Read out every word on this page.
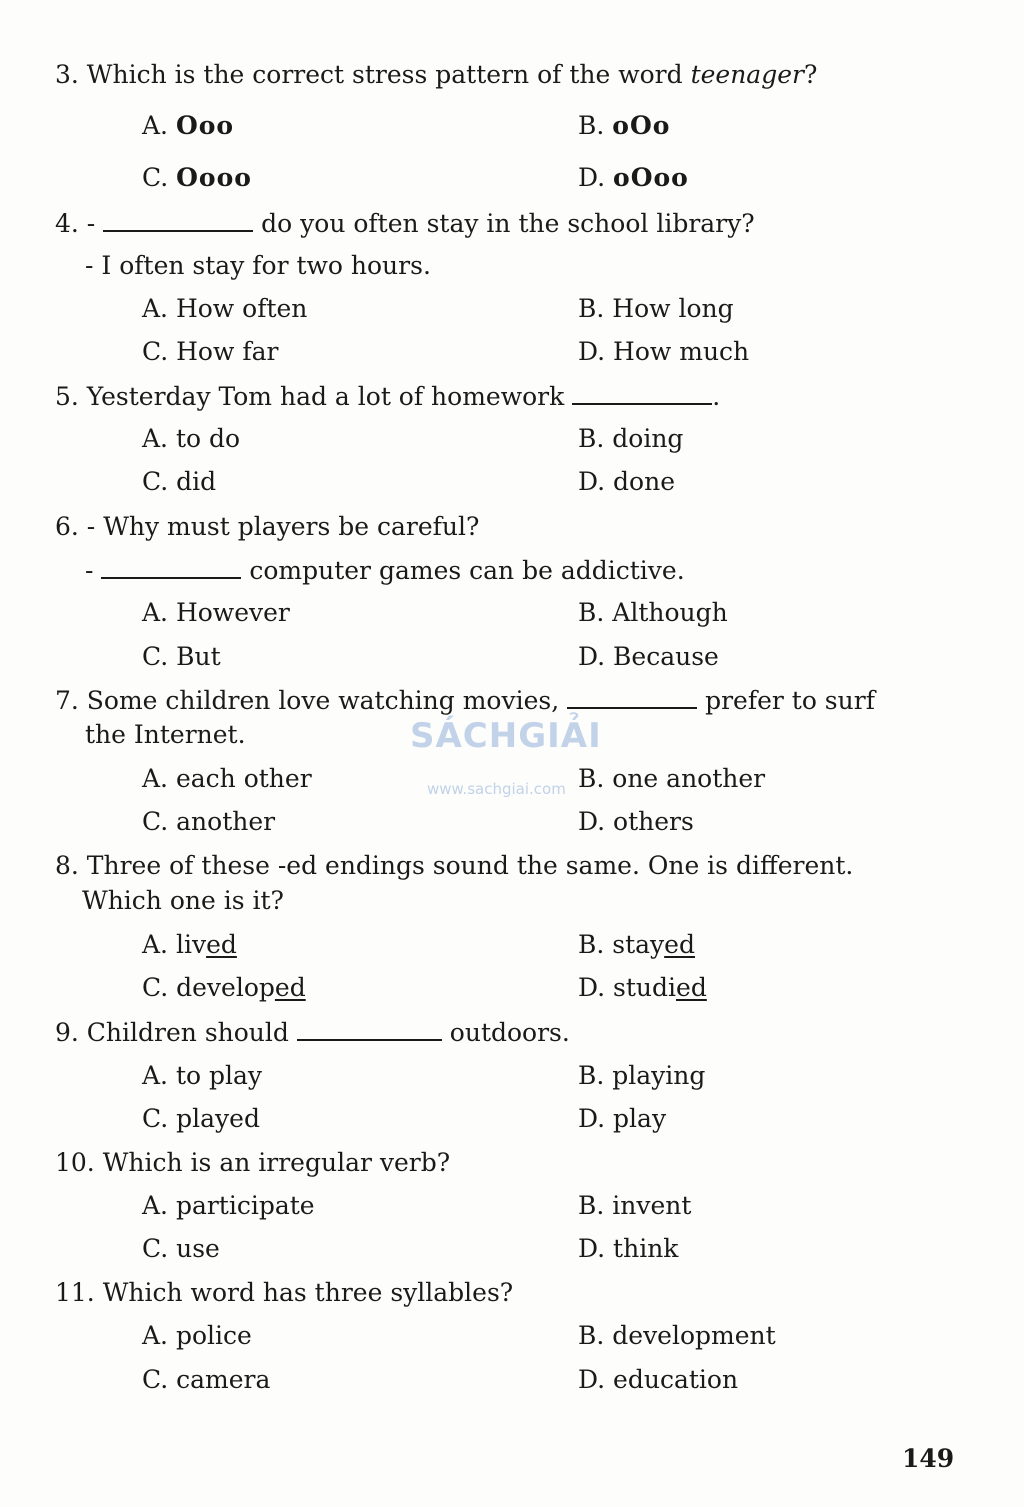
3. Which is the correct stress pattern of the word teenager?
A. Ooo	B. oOo
C. Oooo	D. oOoo
4. -	do you often stay in the school library?
- I often stay for two hours.
A. How often	B. How long
C. How far	D. How much
5. Yesterday Tom had a lot of homework	.
A. to do	B. doing
C. did	D. done
6. - Why must players be careful?
-	computer games can be addictive.
A. However	B. Although
C. But	D. Because
7. Some children love watching movies,	prefer to surf
the Internet.	SÁCHGIẢI
www.sachgiai.com
A. each other	B. one another
C. another	D. others
8. Three of these -ed endings sound the same. One is different.
Which one is it?
A. lived	B. stayed
C. developed	D. studied
9. Children should	outdoors.
A. to play	B. playing
C. played	D. play
10. Which is an irregular verb?
A. participate	B. invent
C. use	D. think
11. Which word has three syllables?
A. police	B. development
C. camera	D. education
149
